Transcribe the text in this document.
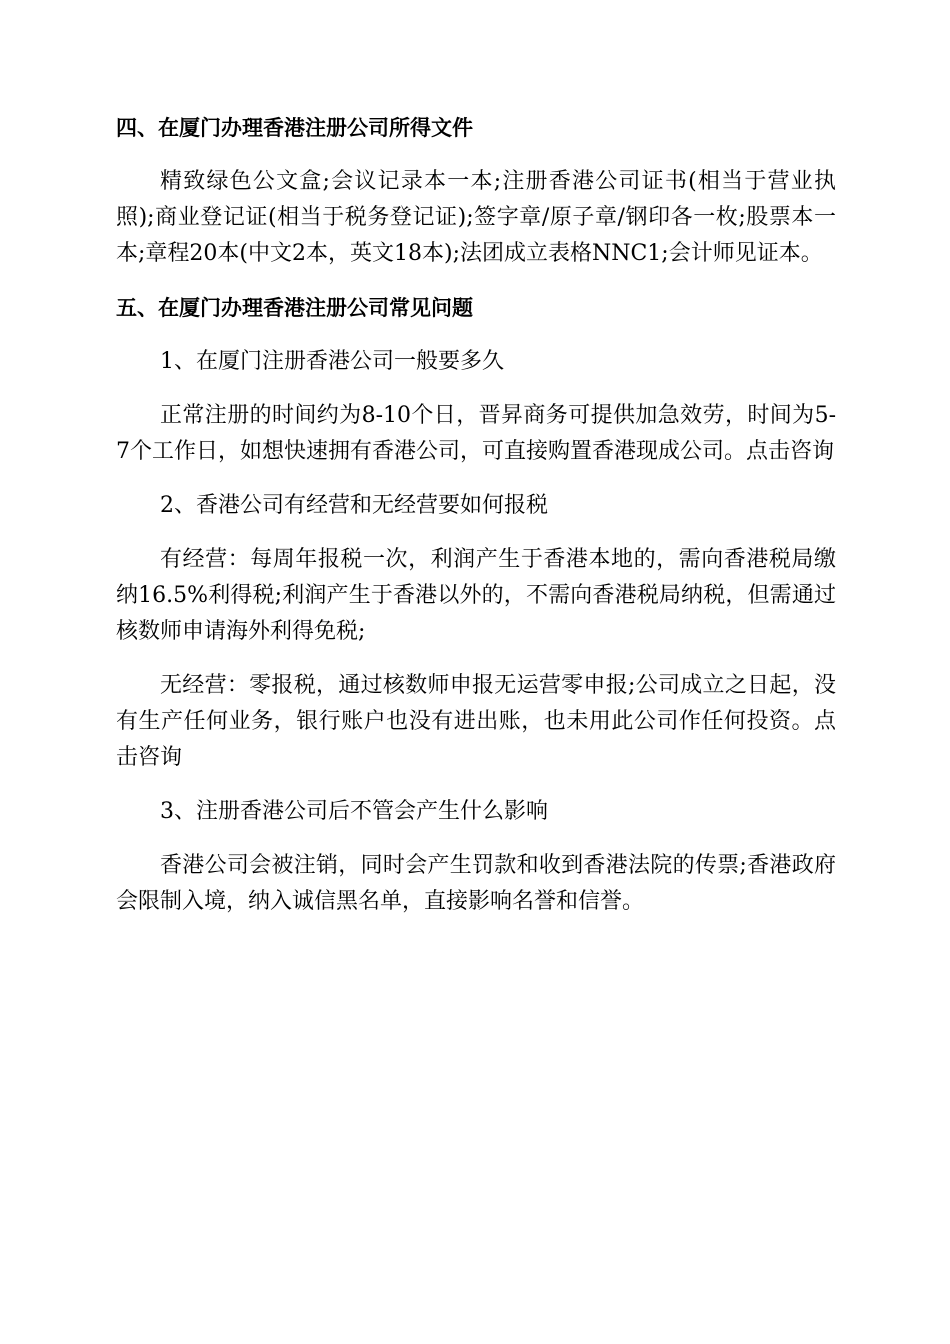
四、在厦门办理香港注册公司所得文件

精致绿色公文盒;会议记录本一本;注册香港公司证书(相当于营业执照);商业登记证(相当于税务登记证);签字章/原子章/钢印各一枚;股票本一本;章程20本(中文2本，英文18本);法团成立表格NNC1;会计师见证本。

五、在厦门办理香港注册公司常见问题

1、在厦门注册香港公司一般要多久

正常注册的时间约为8-10个日，晋昇商务可提供加急效劳，时间为5-7个工作日，如想快速拥有香港公司，可直接购置香港现成公司。点击咨询

2、香港公司有经营和无经营要如何报税

有经营：每周年报税一次，利润产生于香港本地的，需向香港税局缴纳16.5%利得税;利润产生于香港以外的，不需向香港税局纳税，但需通过核数师申请海外利得免税;

无经营：零报税，通过核数师申报无运营零申报;公司成立之日起，没有生产任何业务，银行账户也没有进出账，也未用此公司作任何投资。点击咨询

3、注册香港公司后不管会产生什么影响

香港公司会被注销，同时会产生罚款和收到香港法院的传票;香港政府会限制入境，纳入诚信黑名单，直接影响名誉和信誉。
